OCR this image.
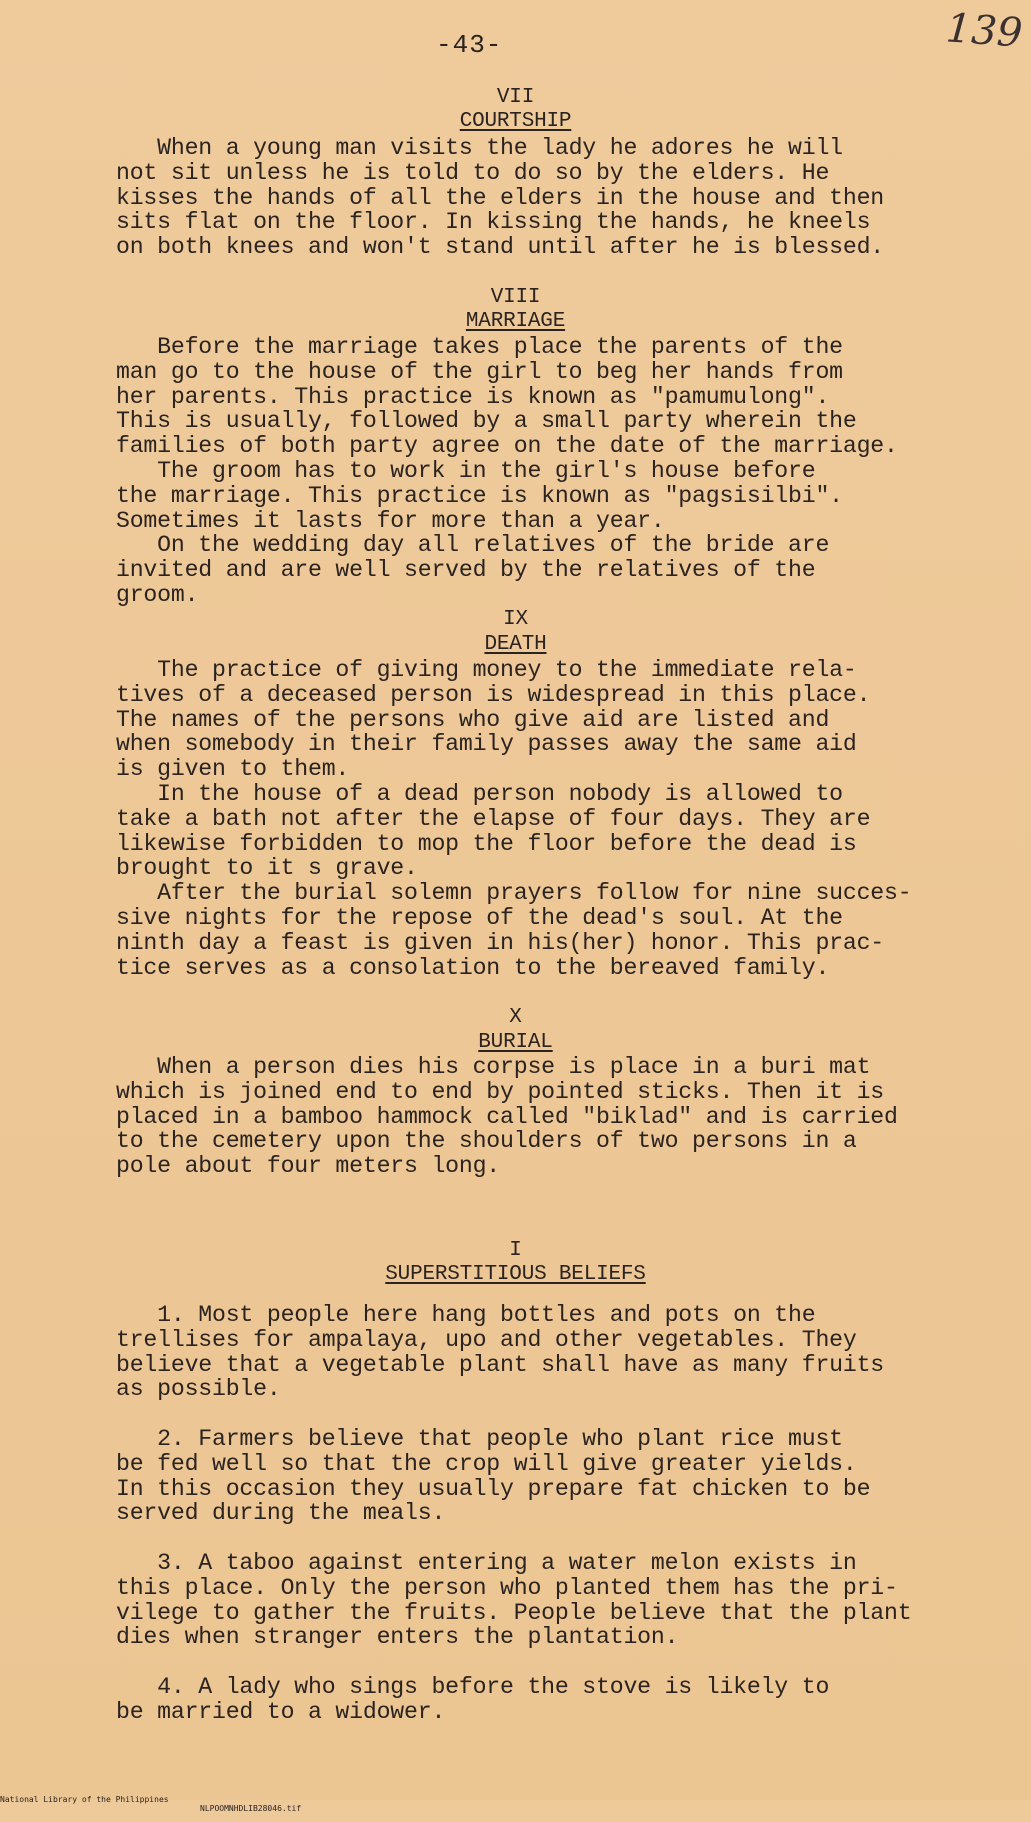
-43-	139

VII

COURTSHIP

When a young man visits the lady he adores he will
not sit unless he is told to do so by the elders. He
kisses the hands of all the elders in the house and then
sits flat on the floor. In kissing the hands, he kneels
on both knees and won't stand until after he is blessed.

VIII

MARRIAGE

Before the marriage takes place the parents of the
man go to the house of the girl to beg her hands from
her parents. This practice is known as "pamumulong".
This is usually, followed by a small party wherein the
families of both party agree on the date of the marriage.
The groom has to work in the girl's house before
the marriage. This practice is known as "pagsisilbi".
Sometimes it lasts for more than a year.
On the wedding day all relatives of the bride are
invited and are well served by the relatives of the
groom.

IX

DEATH

The practice of giving money to the immediate rela-
tives of a deceased person is widespread in this place.
The names of the persons who give aid are listed and
when somebody in their family passes away the same aid
is given to them.
In the house of a dead person nobody is allowed to
take a bath not after the elapse of four days. They are
likewise forbidden to mop the floor before the dead is
brought to it s grave.
After the burial solemn prayers follow for nine succes-
sive nights for the repose of the dead's soul. At the
ninth day a feast is given in his(her) honor. This prac-
tice serves as a consolation to the bereaved family.

X

BURIAL

When a person dies his corpse is place in a buri mat
which is joined end to end by pointed sticks. Then it is
placed in a bamboo hammock called "biklad" and is carried
to the cemetery upon the shoulders of two persons in a
pole about four meters long.

I

SUPERSTITIOUS BELIEFS

1. Most people here hang bottles and pots on the
trellises for ampalaya, upo and other vegetables. They
believe that a vegetable plant shall have as many fruits
as possible.

2. Farmers believe that people who plant rice must
be fed well so that the crop will give greater yields.
In this occasion they usually prepare fat chicken to be
served during the meals.

3. A taboo against entering a water melon exists in
this place. Only the person who planted them has the pri-
vilege to gather the fruits. People believe that the plant
dies when stranger enters the plantation.

4. A lady who sings before the stove is likely to
be married to a widower.

National Library of the Philippines

NLPOOMNHDLIB28046.tif
